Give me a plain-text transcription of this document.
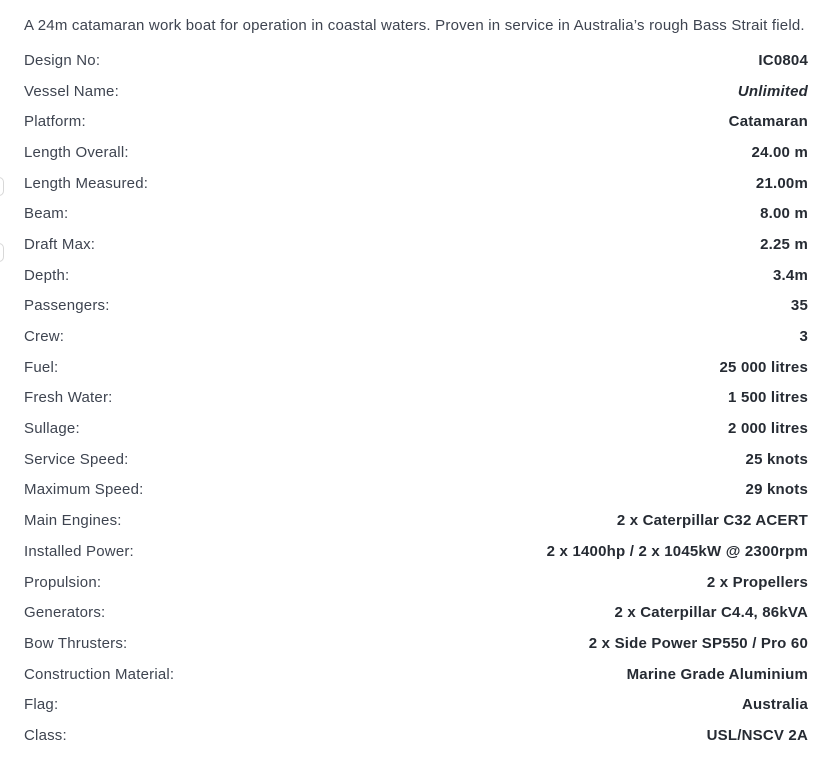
A 24m catamaran work boat for operation in coastal waters. Proven in service in Australia’s rough Bass Strait field.

Design No:	IC0804
Vessel Name:	Unlimited
Platform:	Catamaran
Length Overall:	24.00 m
Length Measured:	21.00m
Beam:	8.00 m
Draft Max:	2.25 m
Depth:	3.4m
Passengers:	35
Crew:	3
Fuel:	25 000 litres
Fresh Water:	1 500 litres
Sullage:	2 000 litres
Service Speed:	25 knots
Maximum Speed:	29 knots
Main Engines:	2 x Caterpillar C32 ACERT
Installed Power:	2 x 1400hp / 2 x 1045kW @ 2300rpm
Propulsion:	2 x Propellers
Generators:	2 x Caterpillar C4.4, 86kVA
Bow Thrusters:	2 x Side Power SP550 / Pro 60
Construction Material:	Marine Grade Aluminium
Flag:	Australia
Class:	USL/NSCV 2A
